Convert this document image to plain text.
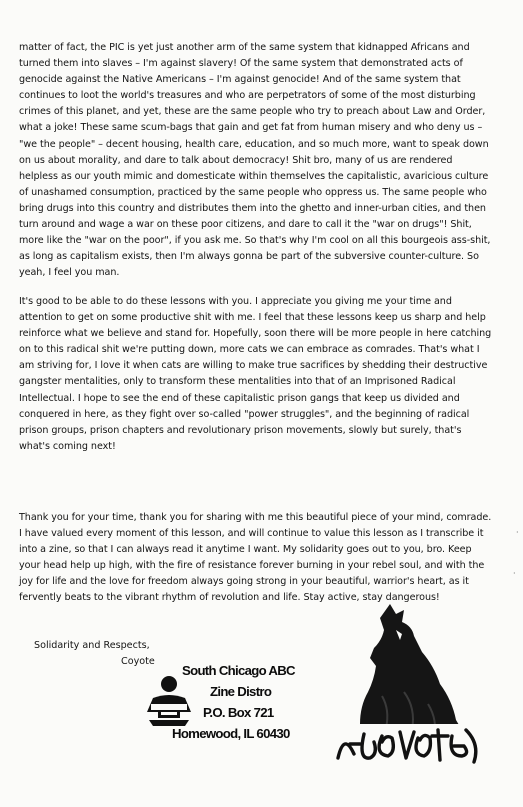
matter of fact, the PIC is yet just another arm of the same system that kidnapped Africans and turned them into slaves – I'm against slavery! Of the same system that demonstrated acts of genocide against the Native Americans – I'm against genocide! And of the same system that continues to loot the world's treasures and who are perpetrators of some of the most disturbing crimes of this planet, and yet, these are the same people who try to preach about Law and Order, what a joke! These same scum-bags that gain and get fat from human misery and who deny us – "we the people" – decent housing, health care, education, and so much more, want to speak down on us about morality, and dare to talk about democracy! Shit bro, many of us are rendered helpless as our youth mimic and domesticate within themselves the capitalistic, avaricious culture of unashamed consumption, practiced by the same people who oppress us. The same people who bring drugs into this country and distributes them into the ghetto and inner-urban cities, and then turn around and wage a war on these poor citizens, and dare to call it the "war on drugs"! Shit, more like the "war on the poor", if you ask me. So that's why I'm cool on all this bourgeois ass-shit, as long as capitalism exists, then I'm always gonna be part of the subversive counter-culture. So yeah, I feel you man.

It's good to be able to do these lessons with you. I appreciate you giving me your time and attention to get on some productive shit with me. I feel that these lessons keep us sharp and help reinforce what we believe and stand for. Hopefully, soon there will be more people in here catching on to this radical shit we're putting down, more cats we can embrace as comrades. That's what I am striving for, I love it when cats are willing to make true sacrifices by shedding their destructive gangster mentalities, only to transform these mentalities into that of an Imprisoned Radical Intellectual. I hope to see the end of these capitalistic prison gangs that keep us divided and conquered in here, as they fight over so-called "power struggles", and the beginning of radical prison groups, prison chapters and revolutionary prison movements, slowly but surely, that's what's coming next!

Thank you for your time, thank you for sharing with me this beautiful piece of your mind, comrade. I have valued every moment of this lesson, and will continue to value this lesson as I transcribe it into a zine, so that I can always read it anytime I want. My solidarity goes out to you, bro. Keep your head help up high, with the fire of resistance forever burning in your rebel soul, and with the joy for life and the love for freedom always going strong in your beautiful, warrior's heart, as it fervently beats to the vibrant rhythm of revolution and life. Stay active, stay dangerous!

Solidarity and Respects,
Coyote
South Chicago ABC
Zine Distro
P.O. Box 721
Homewood, IL 60430
·
·
